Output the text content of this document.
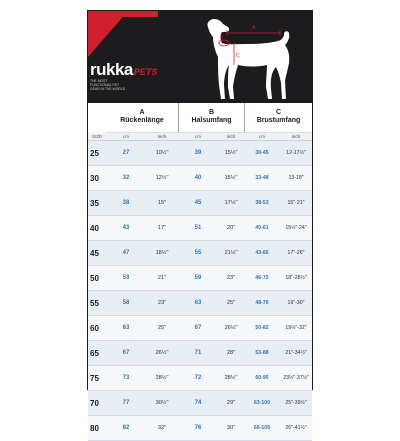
rukka PETS
THE MOST FUNCTIONAL PET GEAR IN THE WORLD
A
B
C
A
Rückenlänge
B
Halsumfang
C
Brustumfang
SIZE	cm	inch	cm	inch	cm	inch
25	27	10½"	39	15½"	30-45	12-17½"
30	32	12½"	40	15½"	33-48	13-18"
35	38	15"	45	17½"	38-53	15"-21"
40	43	17"	51	20"	40-61	15½"-24"
45	47	18½"	55	21½"	43-66	17"-26"
50	53	21"	59	23"	46-72	18"-28½"
55	58	23"	63	25"	48-76	19"-30"
60	63	25"	67	26½"	50-82	19½"-32"
65	67	26½"	71	28"	53-88	21"-34½"
75	73	28½"	72	28½"	60-95	23½"-37½"
70	77	30½"	74	29"	63-100	25"-39½"
80	82	32"	76	30"	66-105	26"-41½"
